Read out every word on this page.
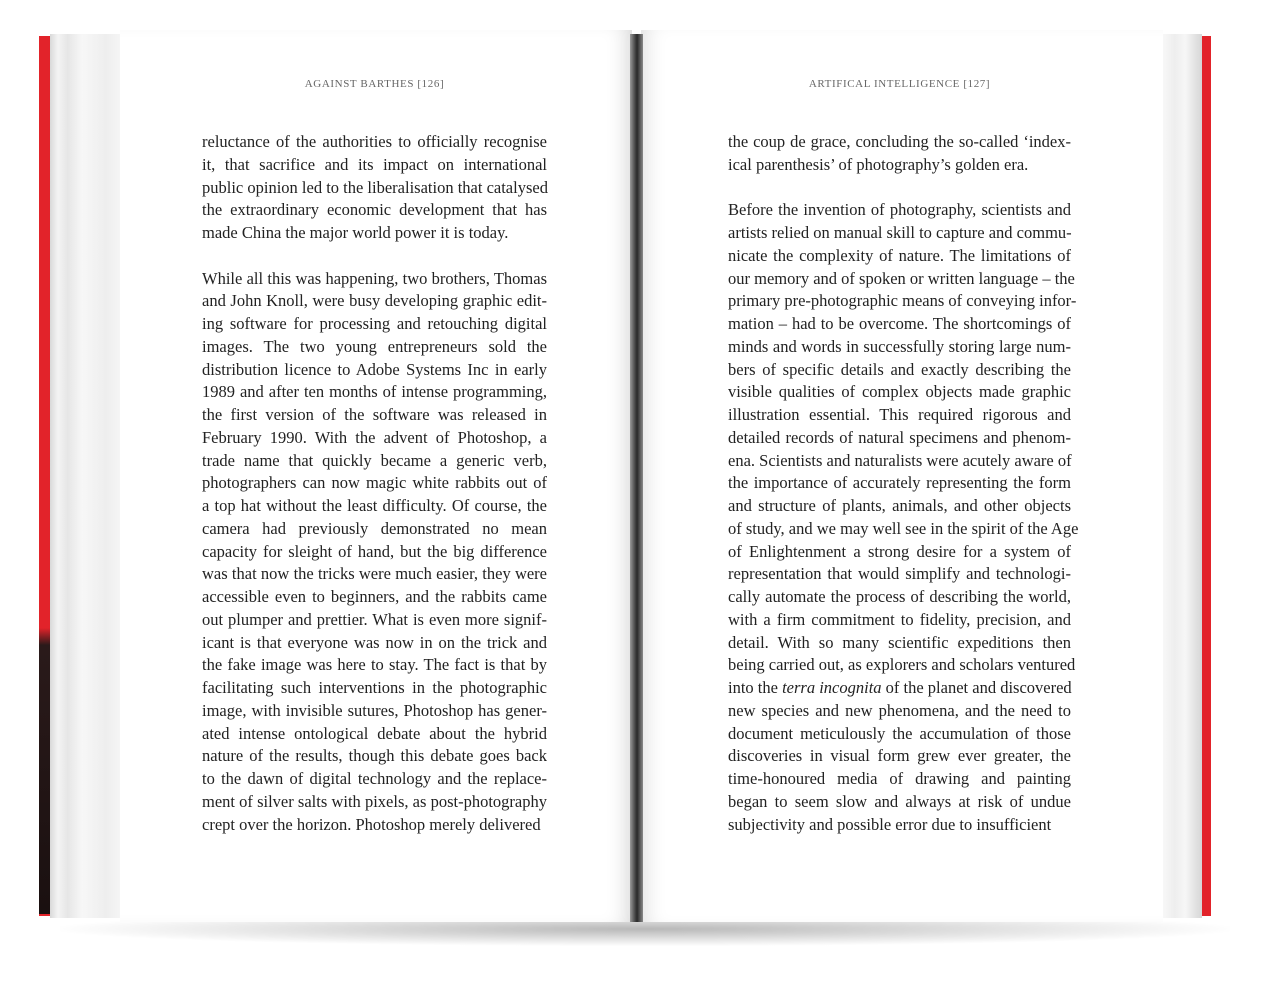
AGAINST BARTHES [126]	ARTIFICAL INTELLIGENCE [127]

reluctance of the authorities to officially recognise
it, that sacrifice and its impact on international
public opinion led to the liberalisation that catalysed
the extraordinary economic development that has
made China the major world power it is today.

While all this was happening, two brothers, Thomas
and John Knoll, were busy developing graphic edit-
ing software for processing and retouching digital
images. The two young entrepreneurs sold the
distribution licence to Adobe Systems Inc in early
1989 and after ten months of intense programming,
the first version of the software was released in
February 1990. With the advent of Photoshop, a
trade name that quickly became a generic verb,
photographers can now magic white rabbits out of
a top hat without the least difficulty. Of course, the
camera had previously demonstrated no mean
capacity for sleight of hand, but the big difference
was that now the tricks were much easier, they were
accessible even to beginners, and the rabbits came
out plumper and prettier. What is even more signif-
icant is that everyone was now in on the trick and
the fake image was here to stay. The fact is that by
facilitating such interventions in the photographic
image, with invisible sutures, Photoshop has gener-
ated intense ontological debate about the hybrid
nature of the results, though this debate goes back
to the dawn of digital technology and the replace-
ment of silver salts with pixels, as post-photography
crept over the horizon. Photoshop merely delivered

the coup de grace, concluding the so-called ‘index-
ical parenthesis’ of photography’s golden era.

Before the invention of photography, scientists and
artists relied on manual skill to capture and commu-
nicate the complexity of nature. The limitations of
our memory and of spoken or written language – the
primary pre-photographic means of conveying infor-
mation – had to be overcome. The shortcomings of
minds and words in successfully storing large num-
bers of specific details and exactly describing the
visible qualities of complex objects made graphic
illustration essential. This required rigorous and
detailed records of natural specimens and phenom-
ena. Scientists and naturalists were acutely aware of
the importance of accurately representing the form
and structure of plants, animals, and other objects
of study, and we may well see in the spirit of the Age
of Enlightenment a strong desire for a system of
representation that would simplify and technologi-
cally automate the process of describing the world,
with a firm commitment to fidelity, precision, and
detail. With so many scientific expeditions then
being carried out, as explorers and scholars ventured
into the terra incognita of the planet and discovered
new species and new phenomena, and the need to
document meticulously the accumulation of those
discoveries in visual form grew ever greater, the
time-honoured media of drawing and painting
began to seem slow and always at risk of undue
subjectivity and possible error due to insufficient
